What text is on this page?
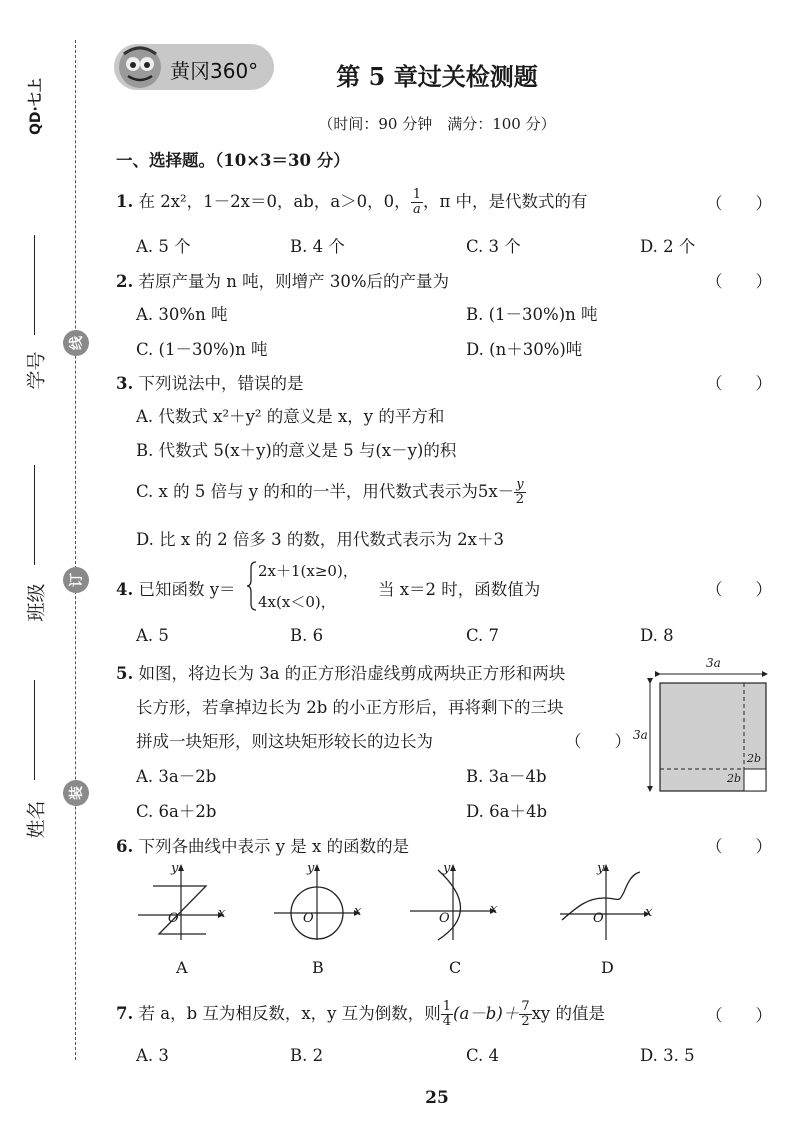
QD·七上
学号
班级
姓名
线
订
装
黄冈360°	第 5 章过关检测题
（时间：90 分钟　满分：100 分）
一、选择题。（10×3＝30 分）
1. 在 2x²，1－2x＝0，ab，a＞0，0， $\frac{1}{a}$ ，π 中，是代数式的有	（　　）
A. 5 个	B. 4 个	C. 3 个	D. 2 个
2. 若原产量为 n 吨，则增产 30%后的产量为	（　　）
A. 30%n 吨	B. (1－30%)n 吨
C. (1－30%)n 吨	D. (n＋30%)吨
3. 下列说法中，错误的是	（　　）
A. 代数式 x²＋y² 的意义是 x，y 的平方和
B. 代数式 5(x＋y)的意义是 5 与(x－y)的积
C. x 的 5 倍与 y 的和的一半，用代数式表示为$5x- \frac{y}{2}$
D. 比 x 的 2 倍多 3 的数，用代数式表示为 2x＋3
4. 已知函数 y＝
2x＋1(x≥0)，
4x(x＜0)，
当 x＝2 时，函数值为	（　　）
A. 5	B. 6	C. 7	D. 8
5. 如图，将边长为 3a 的正方形沿虚线剪成两块正方形和两块
长方形，若拿掉边长为 2b 的小正方形后，再将剩下的三块
拼成一块矩形，则这块矩形较长的边长为	（　　）
A. 3a－2b	B. 3a－4b
C. 6a＋2b	D. 6a＋4b
3a
3a
2b
2b
6. 下列各曲线中表示 y 是 x 的函数的是	（　　）
x
y
O
A
x
y
O
B
x
y
O
C
x
y
O
D
7. 若 a，b 互为相反数，x，y 互为倒数，则 $\frac{1}{4} (a-b)+ \frac{7}{2}$ xy 的值是	（　　）
A. 3	B. 2	C. 4	D. 3. 5
25
